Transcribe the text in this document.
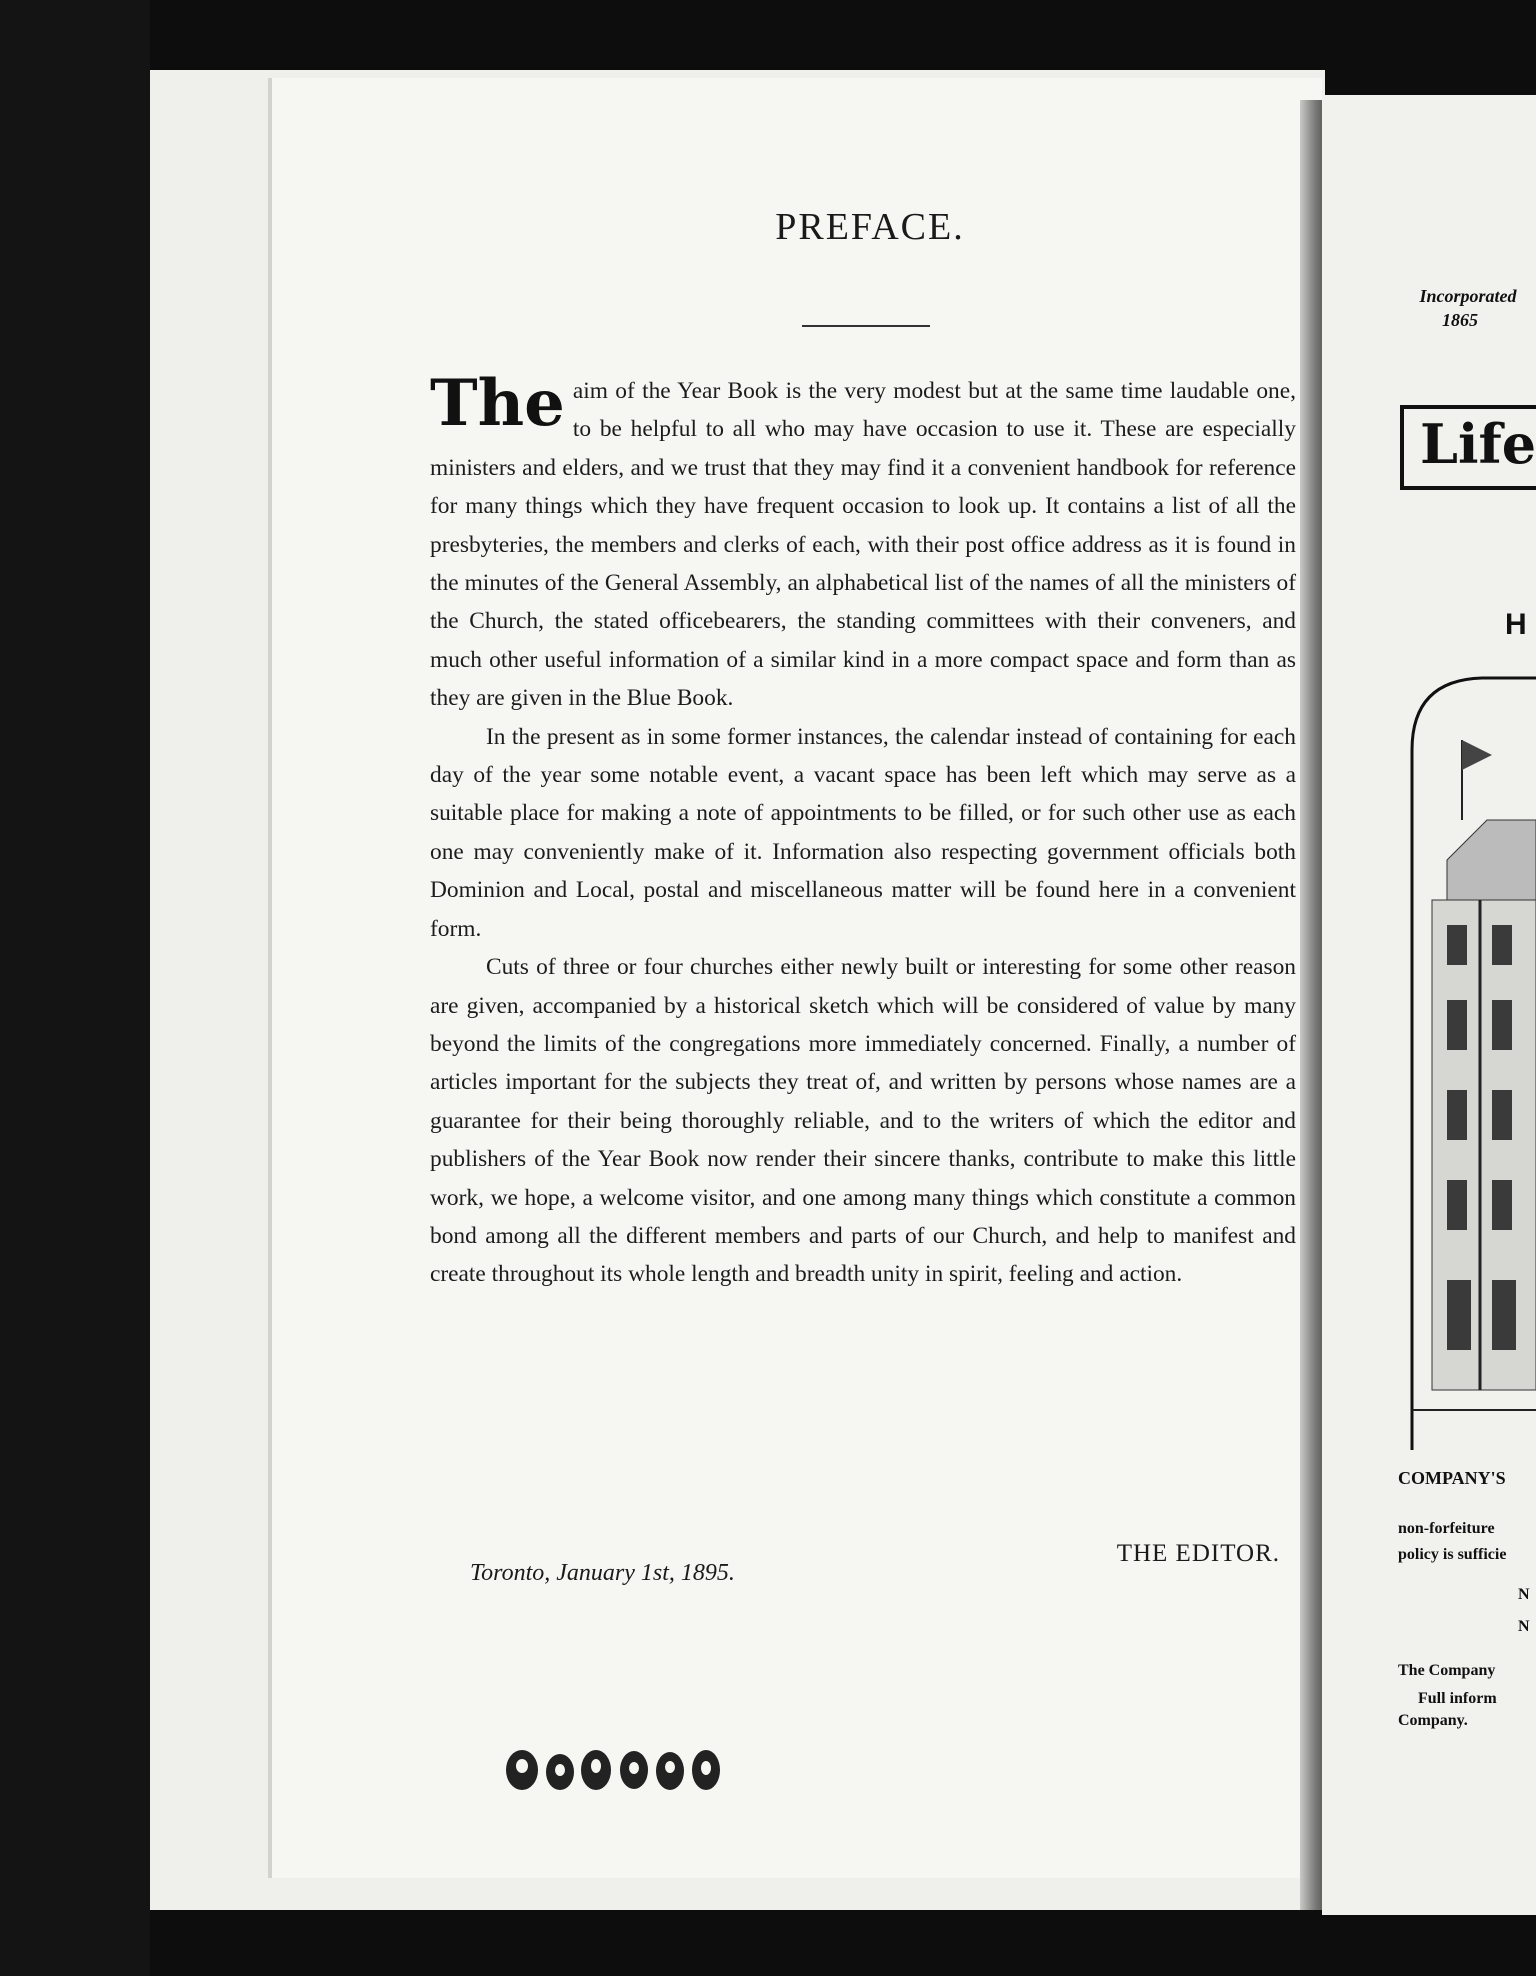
PREFACE.

The aim of the Year Book is the very modest but at the same time laudable one, to be helpful to all who may have occasion to use it. These are especially ministers and elders, and we trust that they may find it a convenient handbook for reference for many things which they have frequent occasion to look up. It contains a list of all the presbyteries, the members and clerks of each, with their post office address as it is found in the minutes of the General Assembly, an alphabetical list of the names of all the ministers of the Church, the stated officebearers, the standing committees with their conveners, and much other useful information of a similar kind in a more compact space and form than as they are given in the Blue Book.

In the present as in some former instances, the calendar instead of containing for each day of the year some notable event, a vacant space has been left which may serve as a suitable place for making a note of appointments to be filled, or for such other use as each one may conveniently make of it. Information also respecting government officials both Dominion and Local, postal and miscellaneous matter will be found here in a convenient form.

Cuts of three or four churches either newly built or interesting for some other reason are given, accompanied by a historical sketch which will be considered of value by many beyond the limits of the congregations more immediately concerned. Finally, a number of articles important for the subjects they treat of, and written by persons whose names are a guarantee for their being thoroughly reliable, and to the writers of which the editor and publishers of the Year Book now render their sincere thanks, contribute to make this little work, we hope, a welcome visitor, and one among many things which constitute a common bond among all the different members and parts of our Church, and help to manifest and create throughout its whole length and breadth unity in spirit, feeling and action.

THE EDITOR.
Toronto, January 1st, 1895.
Incorporated
1865
Life
H
COMPANY'S
non-forfeiture
policy is sufficie
N
N
The Company
Full inform
Company.
